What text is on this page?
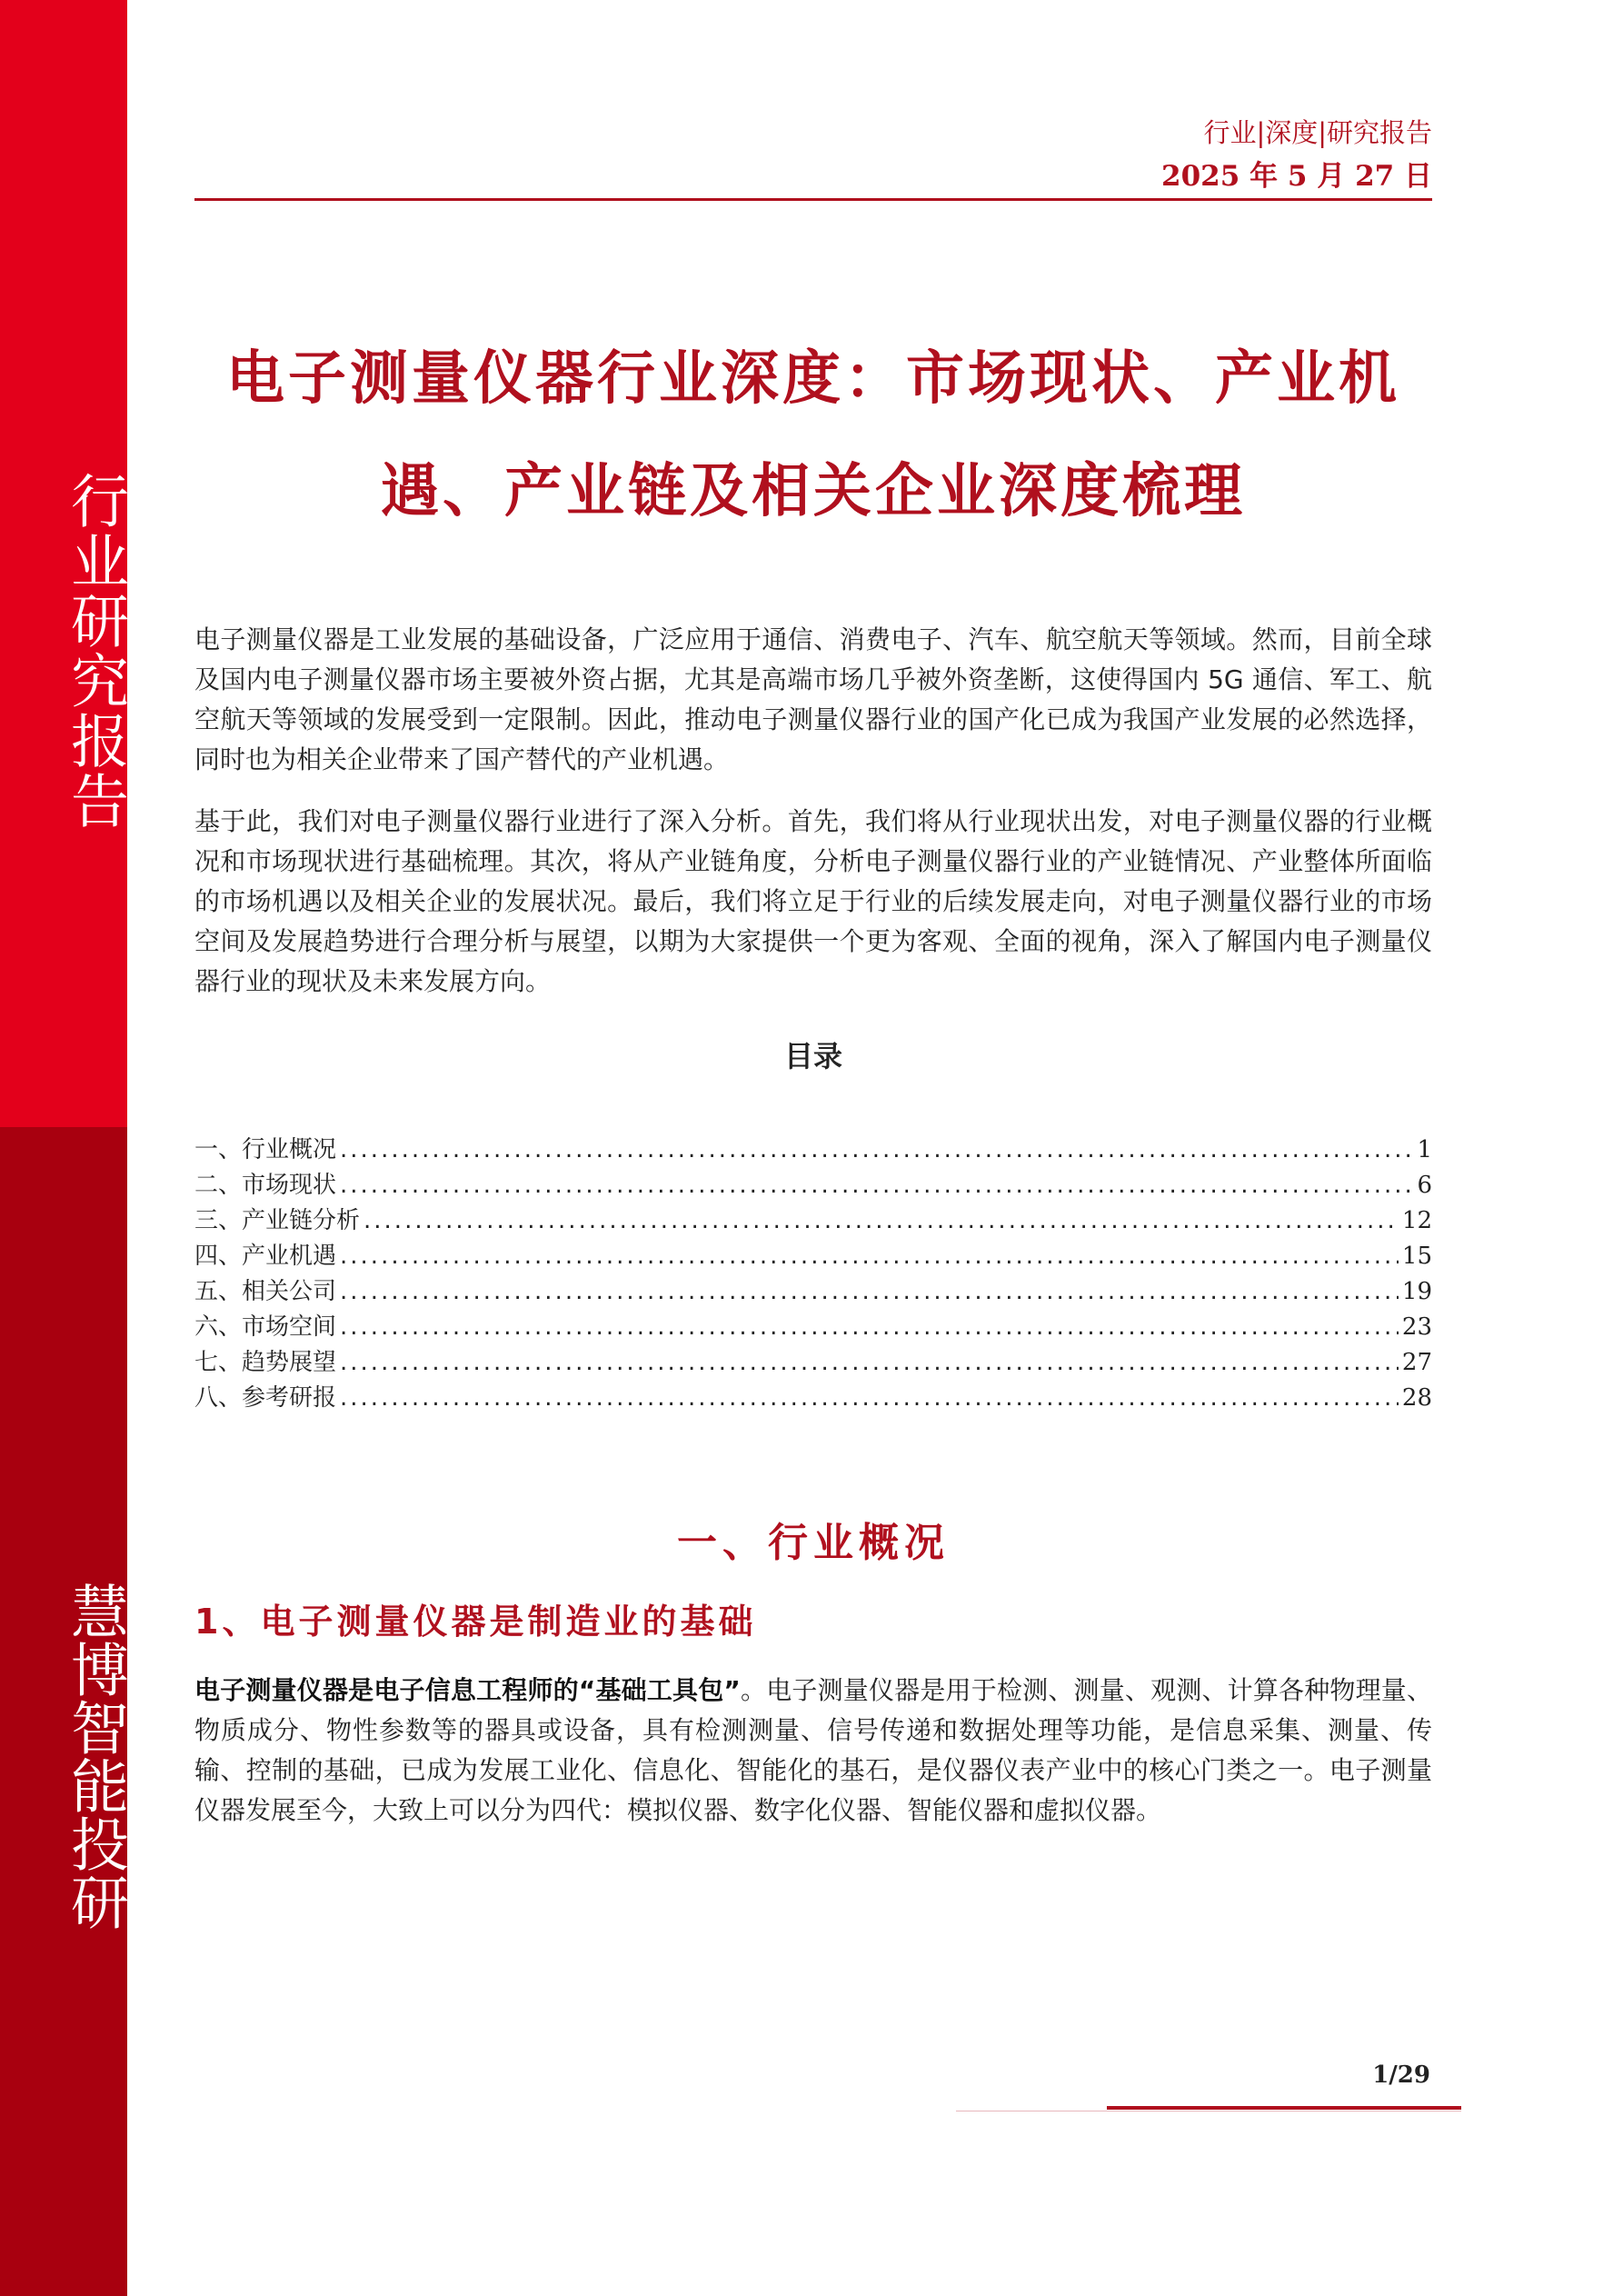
行业研究报告
慧博智能投研
行业|深度|研究报告
2025 年 5 月 27 日
电子测量仪器行业深度：市场现状、产业机
遇、产业链及相关企业深度梳理
电子测量仪器是工业发展的基础设备，广泛应用于通信、消费电子、汽车、航空航天等领域。然而，目前全球及国内电子测量仪器市场主要被外资占据，尤其是高端市场几乎被外资垄断，这使得国内 5G 通信、军工、航空航天等领域的发展受到一定限制。因此，推动电子测量仪器行业的国产化已成为我国产业发展的必然选择，同时也为相关企业带来了国产替代的产业机遇。
基于此，我们对电子测量仪器行业进行了深入分析。首先，我们将从行业现状出发，对电子测量仪器的行业概况和市场现状进行基础梳理。其次，将从产业链角度，分析电子测量仪器行业的产业链情况、产业整体所面临的市场机遇以及相关企业的发展状况。最后，我们将立足于行业的后续发展走向，对电子测量仪器行业的市场空间及发展趋势进行合理分析与展望，以期为大家提供一个更为客观、全面的视角，深入了解国内电子测量仪器行业的现状及未来发展方向。
目录
一、行业概况 .....	1
二、市场现状 .....	6
三、产业链分析 .....	12
四、产业机遇 .....	15
五、相关公司 .....	19
六、市场空间 .....	23
七、趋势展望 .....	27
八、参考研报 .....	28
一、行业概况
1、电子测量仪器是制造业的基础
电子测量仪器是电子信息工程师的“基础工具包”。电子测量仪器是用于检测、测量、观测、计算各种物理量、物质成分、物性参数等的器具或设备，具有检测测量、信号传递和数据处理等功能，是信息采集、测量、传输、控制的基础，已成为发展工业化、信息化、智能化的基石，是仪器仪表产业中的核心门类之一。电子测量仪器发展至今，大致上可以分为四代：模拟仪器、数字化仪器、智能仪器和虚拟仪器。
1/29
